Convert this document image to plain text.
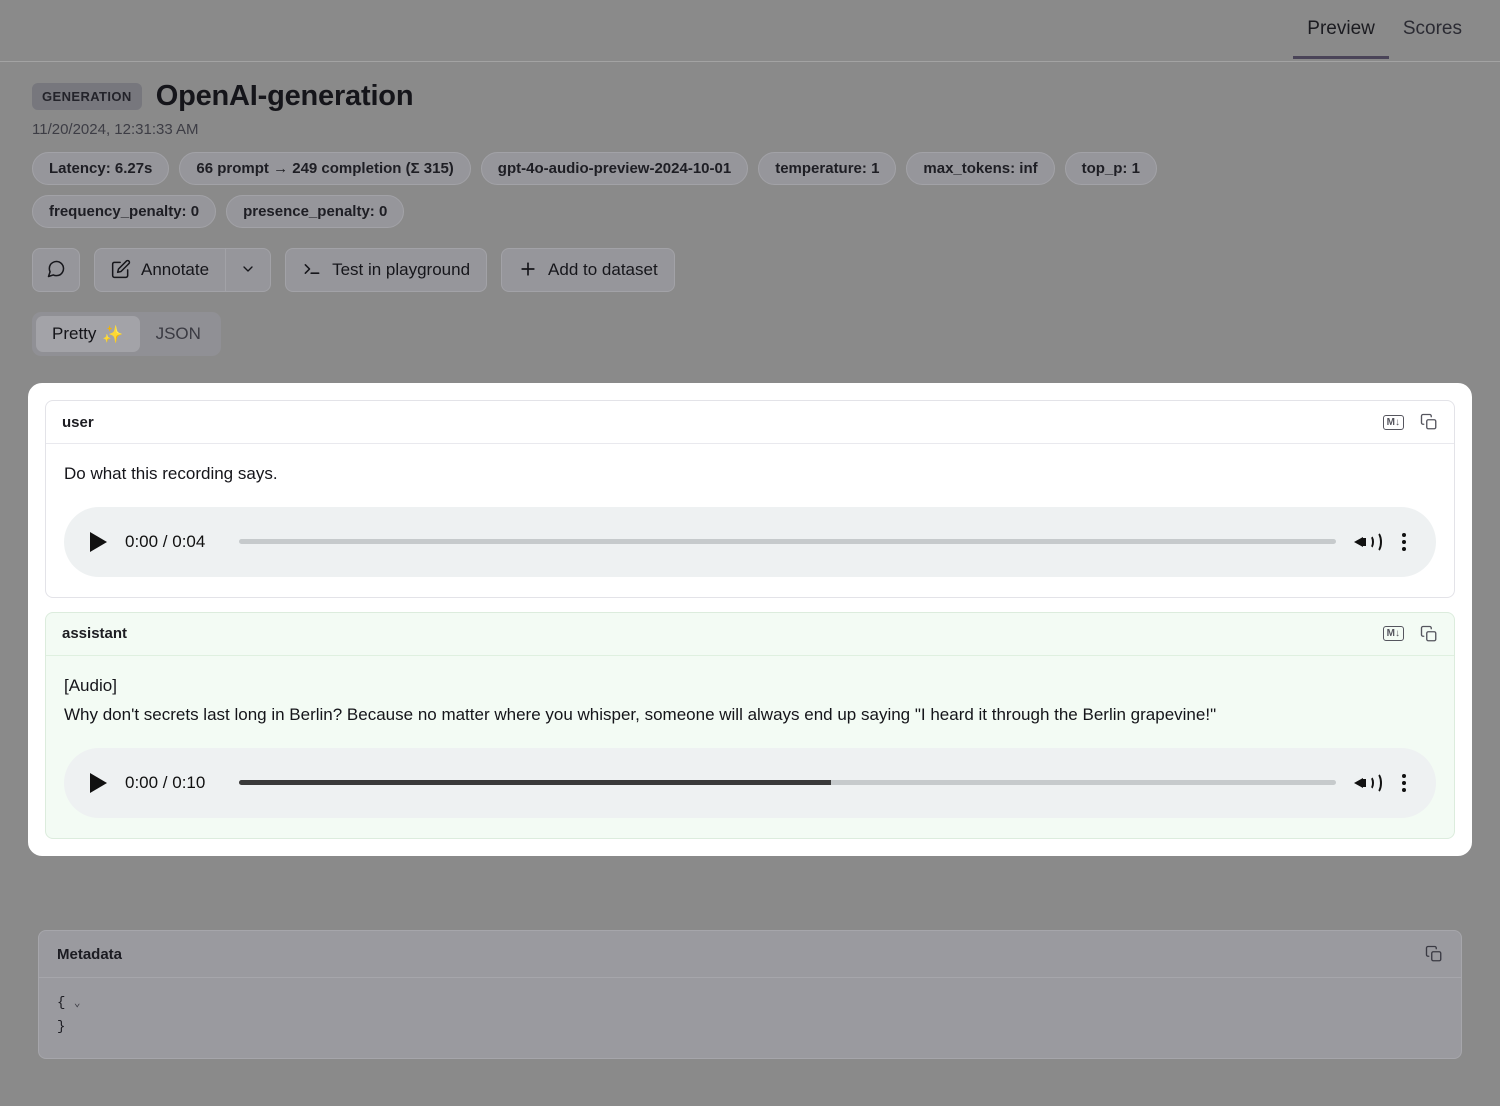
Preview	Scores
GENERATION OpenAI-generation
11/20/2024, 12:31:33 AM
Latency: 6.27s	66 prompt → 249 completion (Σ 315)	gpt-4o-audio-preview-2024-10-01	temperature: 1	max_tokens: inf	top_p: 1
frequency_penalty: 0	presence_penalty: 0
Annotate	Test in playground	Add to dataset
Pretty ✨	JSON
user	M↓
Do what this recording says.
0:00 / 0:04
assistant	M↓
[Audio]
Why don't secrets last long in Berlin? Because no matter where you whisper, someone will always end up saying "I heard it through the Berlin grapevine!"
0:00 / 0:10
Metadata
{ ⌄
}
